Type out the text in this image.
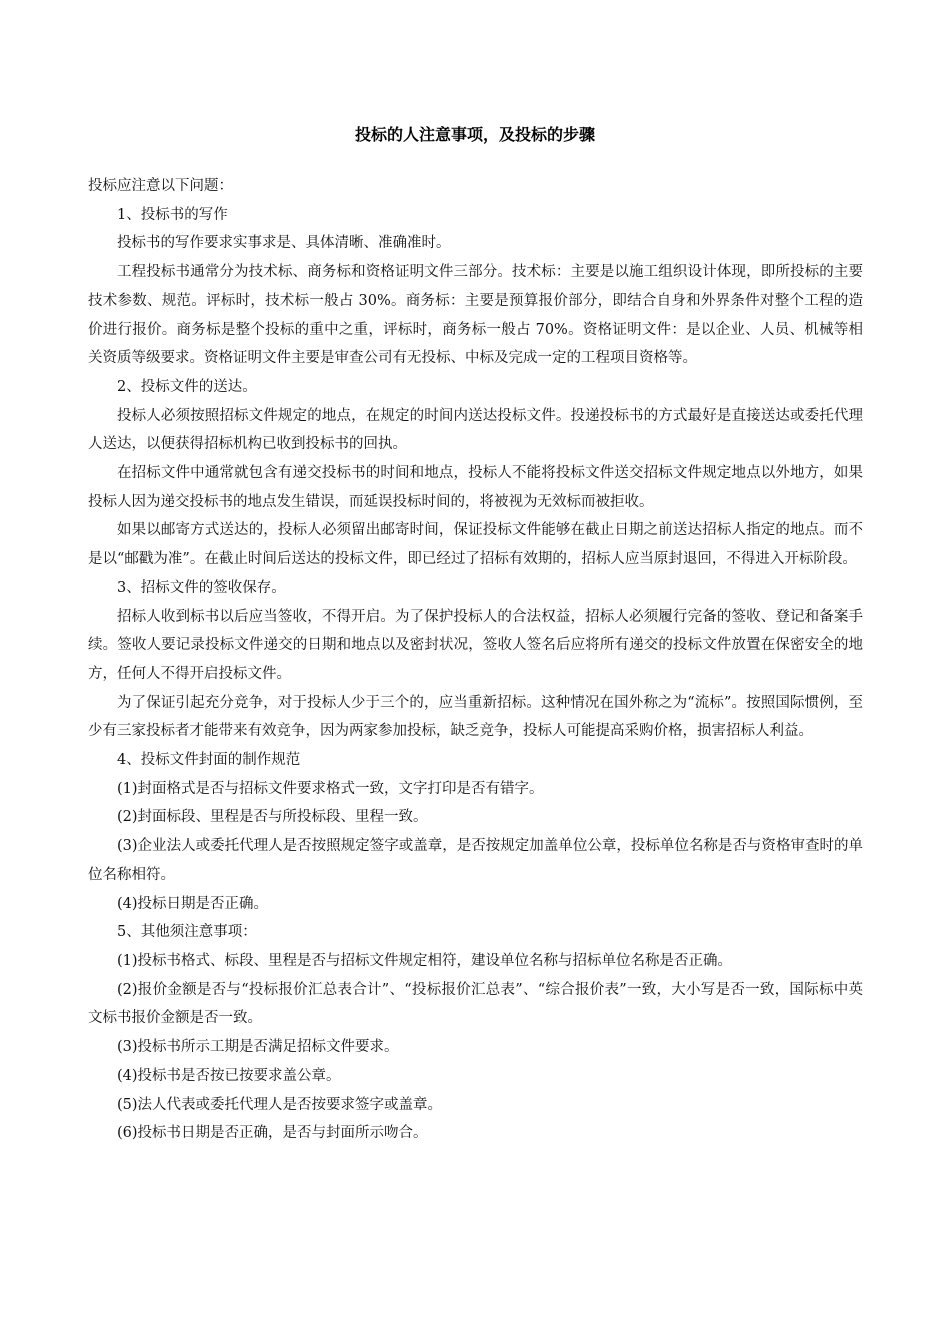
投标的人注意事项，及投标的步骤

投标应注意以下问题：

1、投标书的写作

投标书的写作要求实事求是、具体清晰、准确准时。

工程投标书通常分为技术标、商务标和资格证明文件三部分。技术标：主要是以施工组织设计体现，即所投标的主要技术参数、规范。评标时，技术标一般占 30%。商务标：主要是预算报价部分，即结合自身和外界条件对整个工程的造价进行报价。商务标是整个投标的重中之重，评标时，商务标一般占 70%。资格证明文件：是以企业、人员、机械等相关资质等级要求。资格证明文件主要是审查公司有无投标、中标及完成一定的工程项目资格等。

2、投标文件的送达。

投标人必须按照招标文件规定的地点，在规定的时间内送达投标文件。投递投标书的方式最好是直接送达或委托代理人送达，以便获得招标机构已收到投标书的回执。

在招标文件中通常就包含有递交投标书的时间和地点，投标人不能将投标文件送交招标文件规定地点以外地方，如果投标人因为递交投标书的地点发生错误，而延误投标时间的，将被视为无效标而被拒收。

如果以邮寄方式送达的，投标人必须留出邮寄时间，保证投标文件能够在截止日期之前送达招标人指定的地点。而不是以“邮戳为准”。在截止时间后送达的投标文件，即已经过了招标有效期的，招标人应当原封退回，不得进入开标阶段。

3、招标文件的签收保存。

招标人收到标书以后应当签收，不得开启。为了保护投标人的合法权益，招标人必须履行完备的签收、登记和备案手续。签收人要记录投标文件递交的日期和地点以及密封状况，签收人签名后应将所有递交的投标文件放置在保密安全的地方，任何人不得开启投标文件。

为了保证引起充分竞争，对于投标人少于三个的，应当重新招标。这种情况在国外称之为“流标”。按照国际惯例，至少有三家投标者才能带来有效竞争，因为两家参加投标，缺乏竞争，投标人可能提高采购价格，损害招标人利益。

4、投标文件封面的制作规范

(1)封面格式是否与招标文件要求格式一致，文字打印是否有错字。

(2)封面标段、里程是否与所投标段、里程一致。

(3)企业法人或委托代理人是否按照规定签字或盖章，是否按规定加盖单位公章，投标单位名称是否与资格审查时的单位名称相符。

(4)投标日期是否正确。

5、其他须注意事项：

(1)投标书格式、标段、里程是否与招标文件规定相符，建设单位名称与招标单位名称是否正确。

(2)报价金额是否与“投标报价汇总表合计”、“投标报价汇总表”、“综合报价表”一致，大小写是否一致，国际标中英文标书报价金额是否一致。

(3)投标书所示工期是否满足招标文件要求。

(4)投标书是否按已按要求盖公章。

(5)法人代表或委托代理人是否按要求签字或盖章。

(6)投标书日期是否正确，是否与封面所示吻合。
